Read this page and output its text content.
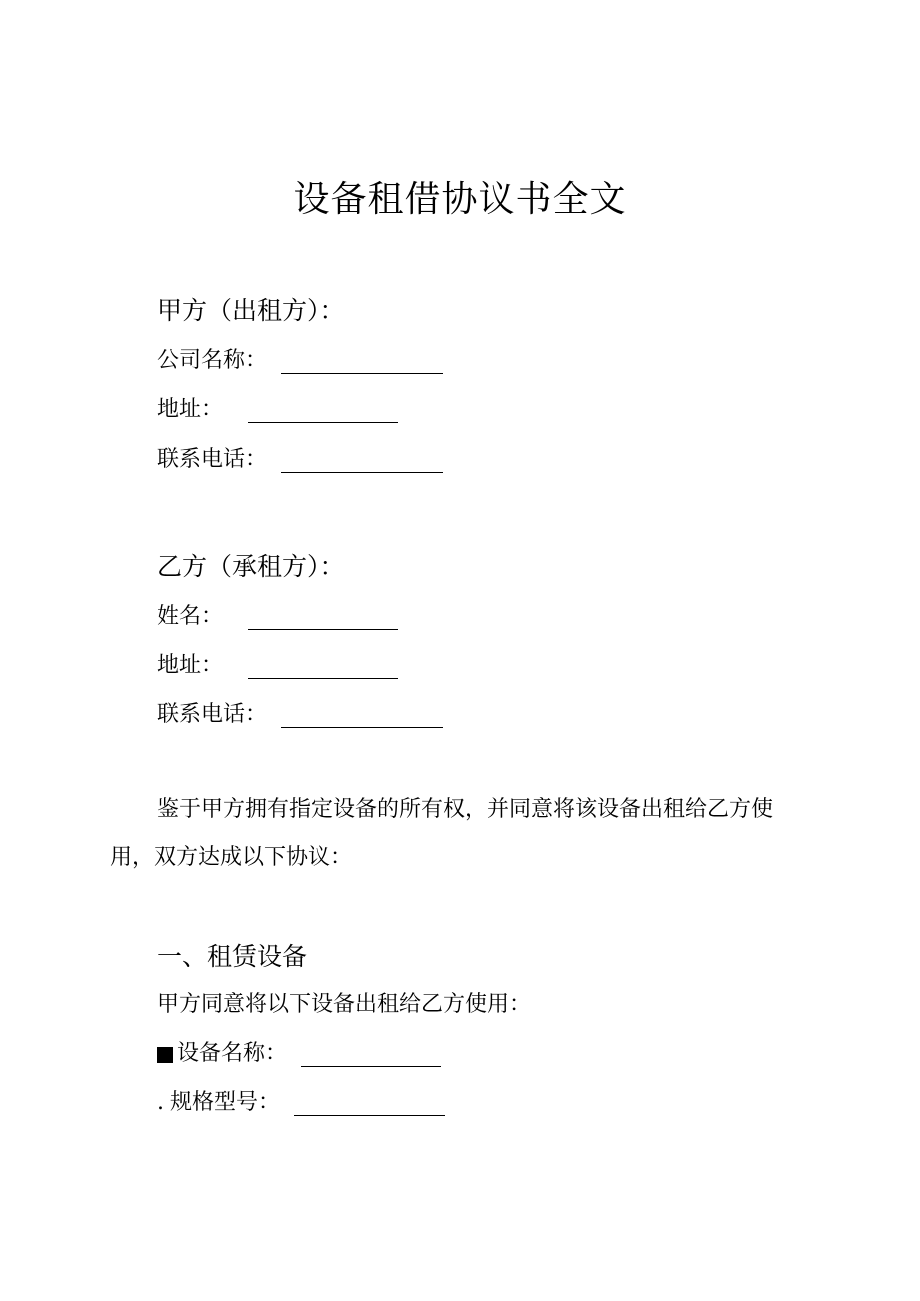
设备租借协议书全文
甲方（出租方）：
公司名称：
地址：
联系电话：
乙方（承租方）：
姓名：
地址：
联系电话：
鉴于甲方拥有指定设备的所有权，并同意将该设备出租给乙方使
用，双方达成以下协议：
一、租赁设备
甲方同意将以下设备出租给乙方使用：
设备名称：
. 规格型号：
